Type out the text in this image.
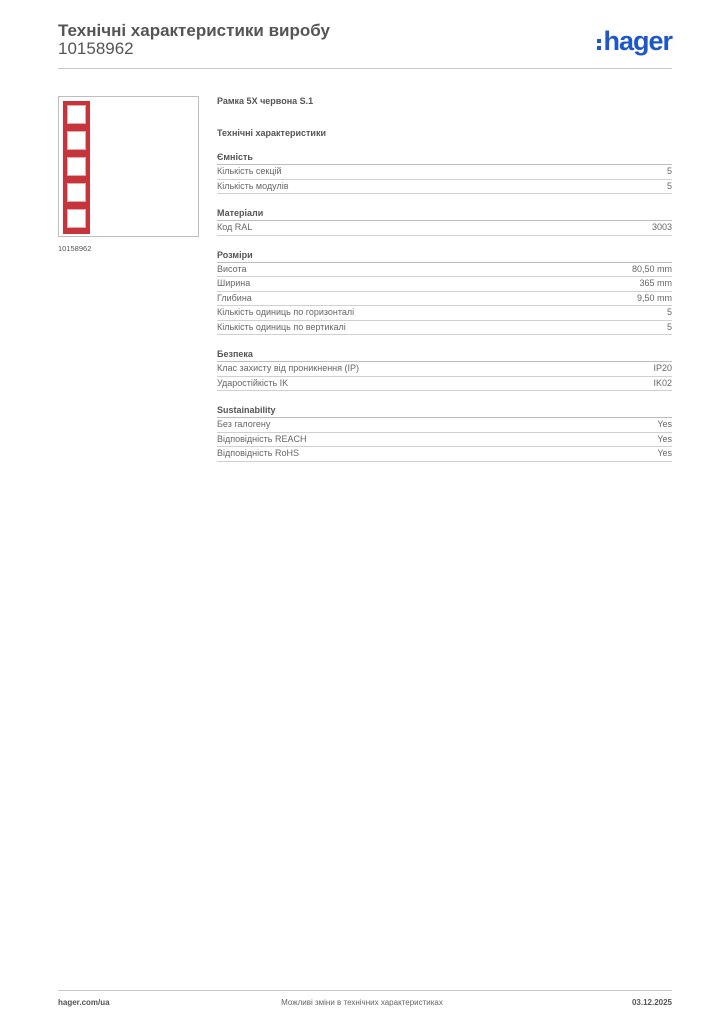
Технічні характеристики виробу
10158962	hager
10158962
Рамка 5X червона S.1
Технічні характеристики
Ємність
Кількість секцій	5
Кількість модулів	5
Матеріали
Код RAL	3003
Розміри
Висота	80,50 mm
Ширина	365 mm
Глибина	9,50 mm
Кількість одиниць по горизонталі	5
Кількість одиниць по вертикалі	5
Безпека
Клас захисту від проникнення (IP)	IP20
Ударостійкість IK	IK02
Sustainability
Без галогену	Yes
Відповідність REACH	Yes
Відповідність RoHS	Yes
hager.com/ua	Можливі зміни в технічних характеристиках	03.12.2025
